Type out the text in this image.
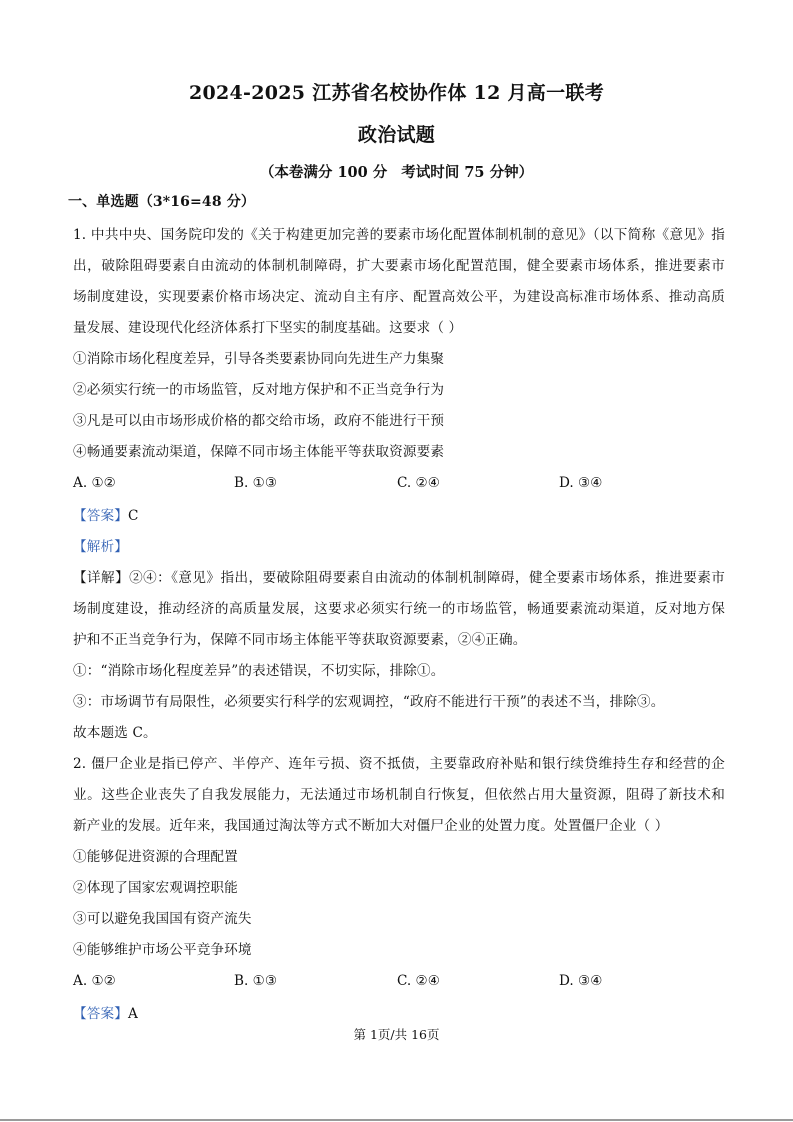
2024-2025 江苏省名校协作体 12 月高一联考
政治试题
（本卷满分 100 分 考试时间 75 分钟）
一、单选题（3*16=48 分）
1. 中共中央、国务院印发的《关于构建更加完善的要素市场化配置体制机制的意见》（以下简称《意见》指
出，破除阻碍要素自由流动的体制机制障碍，扩大要素市场化配置范围，健全要素市场体系，推进要素市
场制度建设，实现要素价格市场决定、流动自主有序、配置高效公平，为建设高标准市场体系、推动高质
量发展、建设现代化经济体系打下坚实的制度基础。这要求（ ）
①消除市场化程度差异，引导各类要素协同向先进生产力集聚
②必须实行统一的市场监管，反对地方保护和不正当竞争行为
③凡是可以由市场形成价格的都交给市场，政府不能进行干预
④畅通要素流动渠道，保障不同市场主体能平等获取资源要素
A. ①②	B. ①③	C. ②④	D. ③④
【答案】C
【解析】
【详解】②④：《意见》指出，要破除阻碍要素自由流动的体制机制障碍，健全要素市场体系，推进要素市
场制度建设，推动经济的高质量发展，这要求必须实行统一的市场监管，畅通要素流动渠道，反对地方保
护和不正当竞争行为，保障不同市场主体能平等获取资源要素，②④正确。
①：“消除市场化程度差异”的表述错误，不切实际，排除①。
③：市场调节有局限性，必须要实行科学的宏观调控，“政府不能进行干预”的表述不当，排除③。
故本题选 C。
2. 僵尸企业是指已停产、半停产、连年亏损、资不抵债，主要靠政府补贴和银行续贷维持生存和经营的企
业。这些企业丧失了自我发展能力，无法通过市场机制自行恢复，但依然占用大量资源，阻碍了新技术和
新产业的发展。近年来，我国通过淘汰等方式不断加大对僵尸企业的处置力度。处置僵尸企业（ ）
①能够促进资源的合理配置
②体现了国家宏观调控职能
③可以避免我国国有资产流失
④能够维护市场公平竞争环境
A. ①②	B. ①③	C. ②④	D. ③④
【答案】A
第 1页/共 16页
